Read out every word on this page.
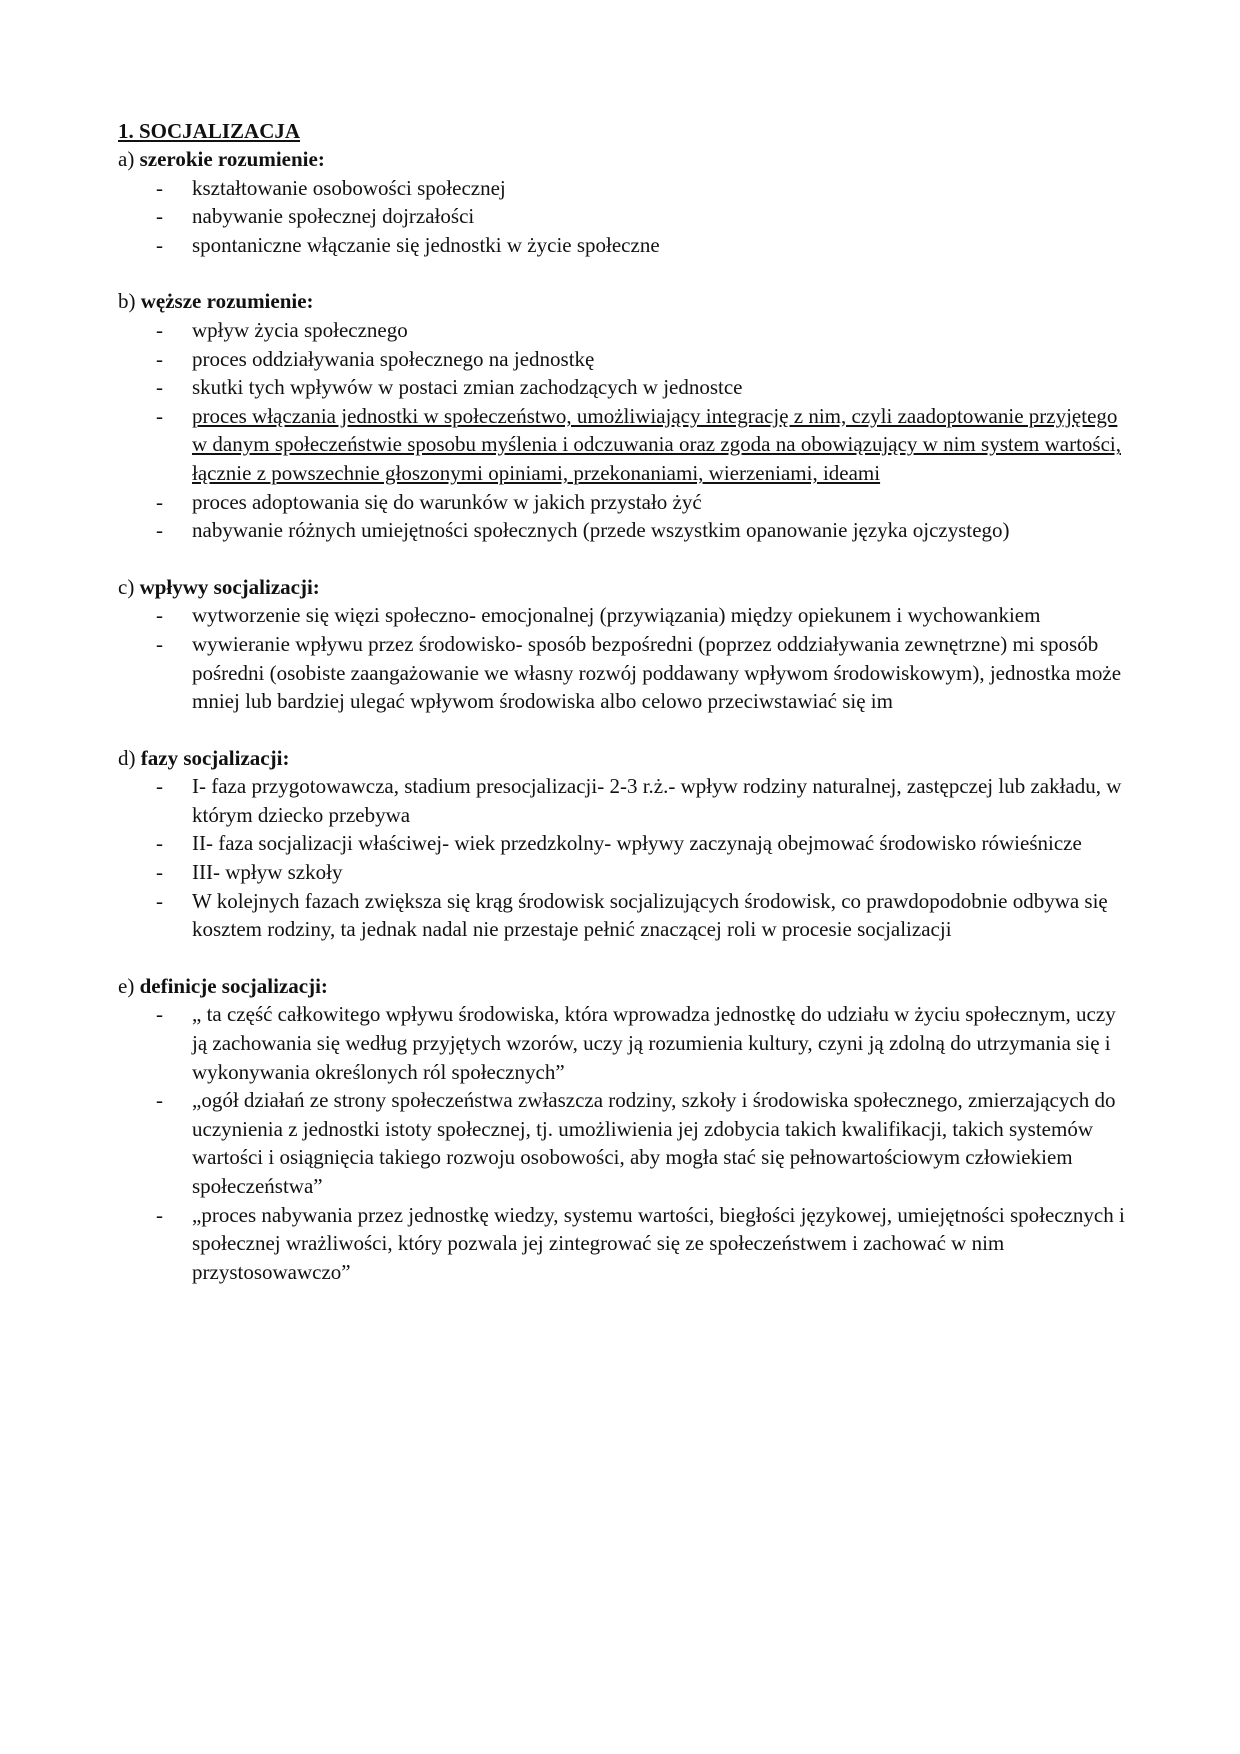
1. SOCJALIZACJA

a) szerokie rozumienie:

- kształtowanie osobowości społecznej
- nabywanie społecznej dojrzałości
- spontaniczne włączanie się jednostki w życie społeczne

b) węższe rozumienie:

- wpływ życia społecznego
- proces oddziaływania społecznego na jednostkę
- skutki tych wpływów w postaci zmian zachodzących w jednostce
- proces włączania jednostki w społeczeństwo, umożliwiający integrację z nim, czyli zaadoptowanie przyjętego w danym społeczeństwie sposobu myślenia i odczuwania oraz zgoda na obowiązujący w nim system wartości, łącznie z powszechnie głoszonymi opiniami, przekonaniami, wierzeniami, ideami
- proces adoptowania się do warunków w jakich przystało żyć
- nabywanie różnych umiejętności społecznych (przede wszystkim opanowanie języka ojczystego)

c) wpływy socjalizacji:

- wytworzenie się więzi społeczno- emocjonalnej (przywiązania) między opiekunem i wychowankiem
- wywieranie wpływu przez środowisko- sposób bezpośredni (poprzez oddziaływania zewnętrzne) mi sposób pośredni (osobiste zaangażowanie we własny rozwój poddawany wpływom środowiskowym), jednostka może mniej lub bardziej ulegać wpływom środowiska albo celowo przeciwstawiać się im

d) fazy socjalizacji:

- I- faza przygotowawcza, stadium presocjalizacji- 2-3 r.ż.- wpływ rodziny naturalnej, zastępczej lub zakładu, w którym dziecko przebywa
- II- faza socjalizacji właściwej- wiek przedzkolny- wpływy zaczynają obejmować środowisko rówieśnicze
- III- wpływ szkoły
- W kolejnych fazach zwiększa się krąg środowisk socjalizujących środowisk, co prawdopodobnie odbywa się kosztem rodziny, ta jednak nadal nie przestaje pełnić znaczącej roli w procesie socjalizacji

e) definicje socjalizacji:

- „ ta część całkowitego wpływu środowiska, która wprowadza jednostkę do udziału w życiu społecznym, uczy ją zachowania się według przyjętych wzorów, uczy ją rozumienia kultury, czyni ją zdolną do utrzymania się i wykonywania określonych ról społecznych”
- „ogół działań ze strony społeczeństwa zwłaszcza rodziny, szkoły i środowiska społecznego, zmierzających do uczynienia z jednostki istoty społecznej, tj. umożliwienia jej zdobycia takich kwalifikacji, takich systemów wartości i osiągnięcia takiego rozwoju osobowości, aby mogła stać się pełnowartościowym człowiekiem społeczeństwa”
- „proces nabywania przez jednostkę wiedzy, systemu wartości, biegłości językowej, umiejętności społecznych i społecznej wrażliwości, który pozwala jej zintegrować się ze społeczeństwem i zachować w nim przystosowawczo”
